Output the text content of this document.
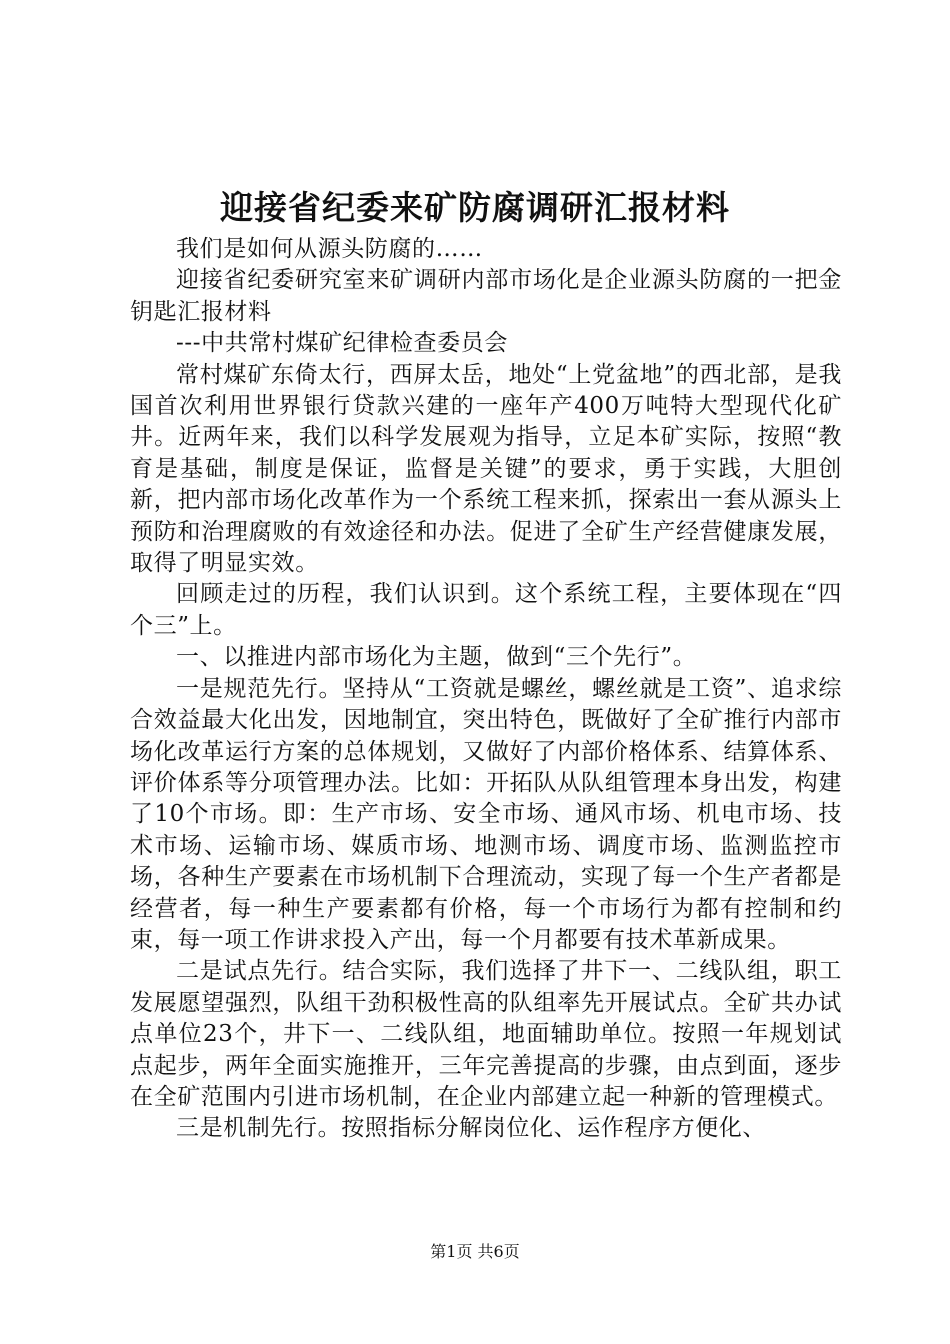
迎接省纪委来矿防腐调研汇报材料

我们是如何从源头防腐的……

迎接省纪委研究室来矿调研内部市场化是企业源头防腐的一把金钥匙汇报材料

---中共常村煤矿纪律检查委员会

常村煤矿东倚太行，西屏太岳，地处“上党盆地”的西北部，是我国首次利用世界银行贷款兴建的一座年产400万吨特大型现代化矿井。近两年来，我们以科学发展观为指导，立足本矿实际，按照“教育是基础，制度是保证，监督是关键”的要求，勇于实践，大胆创新，把内部市场化改革作为一个系统工程来抓，探索出一套从源头上预防和治理腐败的有效途径和办法。促进了全矿生产经营健康发展，取得了明显实效。

回顾走过的历程，我们认识到。这个系统工程，主要体现在“四个三”上。

一、以推进内部市场化为主题，做到“三个先行”。

一是规范先行。坚持从“工资就是螺丝，螺丝就是工资”、追求综合效益最大化出发，因地制宜，突出特色，既做好了全矿推行内部市场化改革运行方案的总体规划，又做好了内部价格体系、结算体系、评价体系等分项管理办法。比如：开拓队从队组管理本身出发，构建了10个市场。即：生产市场、安全市场、通风市场、机电市场、技术市场、运输市场、媒质市场、地测市场、调度市场、监测监控市场，各种生产要素在市场机制下合理流动，实现了每一个生产者都是经营者，每一种生产要素都有价格，每一个市场行为都有控制和约束，每一项工作讲求投入产出，每一个月都要有技术革新成果。

二是试点先行。结合实际，我们选择了井下一、二线队组，职工发展愿望强烈，队组干劲积极性高的队组率先开展试点。全矿共办试点单位23个，井下一、二线队组，地面辅助单位。按照一年规划试点起步，两年全面实施推开，三年完善提高的步骤，由点到面，逐步在全矿范围内引进市场机制，在企业内部建立起一种新的管理模式。

三是机制先行。按照指标分解岗位化、运作程序方便化、

第1页 共6页
